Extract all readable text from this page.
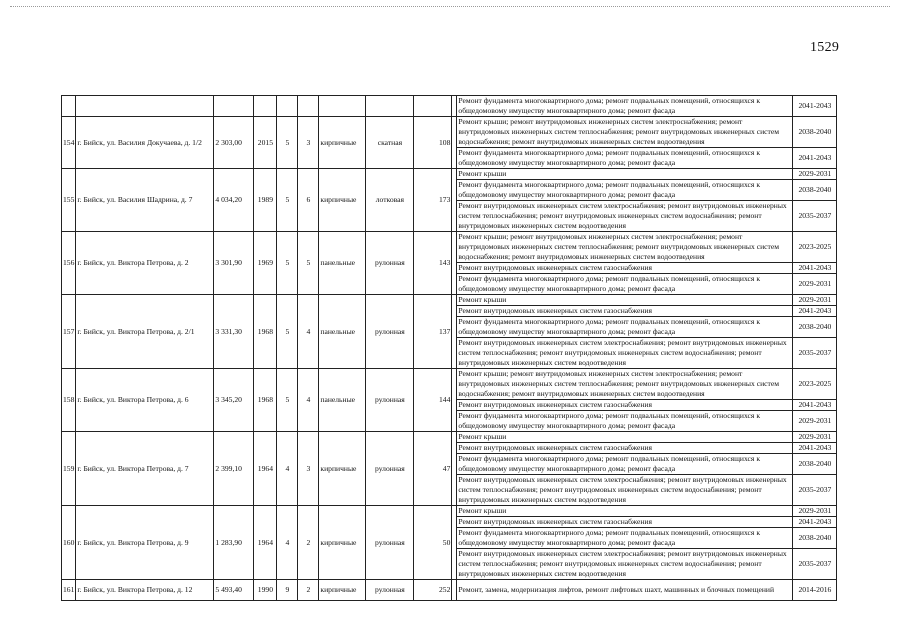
1529
										Ремонт фундамента многоквартирного дома; ремонт подвальных помещений, относящихся к общедомовому имуществу многоквартирного дома; ремонт фасада	2041-2043
154	г. Бийск, ул. Василия Докучаева, д. 1/2	2 303,00	2015	5	3	кирпичные	скатная	108		Ремонт крыши; ремонт внутридомовых инженерных систем электроснабжения; ремонт внутридомовых инженерных систем теплоснабжения; ремонт внутридомовых инженерных систем водоснабжения; ремонт внутридомовых инженерных систем водоотведения	2038-2040
										Ремонт фундамента многоквартирного дома; ремонт подвальных помещений, относящихся к общедомовому имуществу многоквартирного дома; ремонт фасада	2041-2043
155	г. Бийск, ул. Василия Шадрина, д. 7	4 034,20	1989	5	6	кирпичные	лотковая	173		Ремонт крыши	2029-2031
										Ремонт фундамента многоквартирного дома; ремонт подвальных помещений, относящихся к общедомовому имуществу многоквартирного дома; ремонт фасада	2038-2040
										Ремонт внутридомовых инженерных систем электроснабжения; ремонт внутридомовых инженерных систем теплоснабжения; ремонт внутридомовых инженерных систем водоснабжения; ремонт внутридомовых инженерных систем водоотведения	2035-2037
156	г. Бийск, ул. Виктора Петрова, д. 2	3 301,90	1969	5	5	панельные	рулонная	143		Ремонт крыши; ремонт внутридомовых инженерных систем электроснабжения; ремонт внутридомовых инженерных систем теплоснабжения; ремонт внутридомовых инженерных систем водоснабжения; ремонт внутридомовых инженерных систем водоотведения	2023-2025
										Ремонт внутридомовых инженерных систем газоснабжения	2041-2043
										Ремонт фундамента многоквартирного дома; ремонт подвальных помещений, относящихся к общедомовому имуществу многоквартирного дома; ремонт фасада	2029-2031
157	г. Бийск, ул. Виктора Петрова, д. 2/1	3 331,30	1968	5	4	панельные	рулонная	137		Ремонт крыши	2029-2031
										Ремонт внутридомовых инженерных систем газоснабжения	2041-2043
										Ремонт фундамента многоквартирного дома; ремонт подвальных помещений, относящихся к общедомовому имуществу многоквартирного дома; ремонт фасада	2038-2040
										Ремонт внутридомовых инженерных систем электроснабжения; ремонт внутридомовых инженерных систем теплоснабжения; ремонт внутридомовых инженерных систем водоснабжения; ремонт внутридомовых инженерных систем водоотведения	2035-2037
158	г. Бийск, ул. Виктора Петрова, д. 6	3 345,20	1968	5	4	панельные	рулонная	144		Ремонт крыши; ремонт внутридомовых инженерных систем электроснабжения; ремонт внутридомовых инженерных систем теплоснабжения; ремонт внутридомовых инженерных систем водоснабжения; ремонт внутридомовых инженерных систем водоотведения	2023-2025
										Ремонт внутридомовых инженерных систем газоснабжения	2041-2043
										Ремонт фундамента многоквартирного дома; ремонт подвальных помещений, относящихся к общедомовому имуществу многоквартирного дома; ремонт фасада	2029-2031
159	г. Бийск, ул. Виктора Петрова, д. 7	2 399,10	1964	4	3	кирпичные	рулонная	47		Ремонт крыши	2029-2031
										Ремонт внутридомовых инженерных систем газоснабжения	2041-2043
										Ремонт фундамента многоквартирного дома; ремонт подвальных помещений, относящихся к общедомовому имуществу многоквартирного дома; ремонт фасада	2038-2040
										Ремонт внутридомовых инженерных систем электроснабжения; ремонт внутридомовых инженерных систем теплоснабжения; ремонт внутридомовых инженерных систем водоснабжения; ремонт внутридомовых инженерных систем водоотведения	2035-2037
160	г. Бийск, ул. Виктора Петрова, д. 9	1 283,90	1964	4	2	кирпичные	рулонная	50		Ремонт крыши	2029-2031
										Ремонт внутридомовых инженерных систем газоснабжения	2041-2043
										Ремонт фундамента многоквартирного дома; ремонт подвальных помещений, относящихся к общедомовому имуществу многоквартирного дома; ремонт фасада	2038-2040
										Ремонт внутридомовых инженерных систем электроснабжения; ремонт внутридомовых инженерных систем теплоснабжения; ремонт внутридомовых инженерных систем водоснабжения; ремонт внутридомовых инженерных систем водоотведения	2035-2037
161	г. Бийск, ул. Виктора Петрова, д. 12	5 493,40	1990	9	2	кирпичные	рулонная	252		Ремонт, замена, модернизация лифтов, ремонт лифтовых шахт, машинных и блочных помещений	2014-2016
